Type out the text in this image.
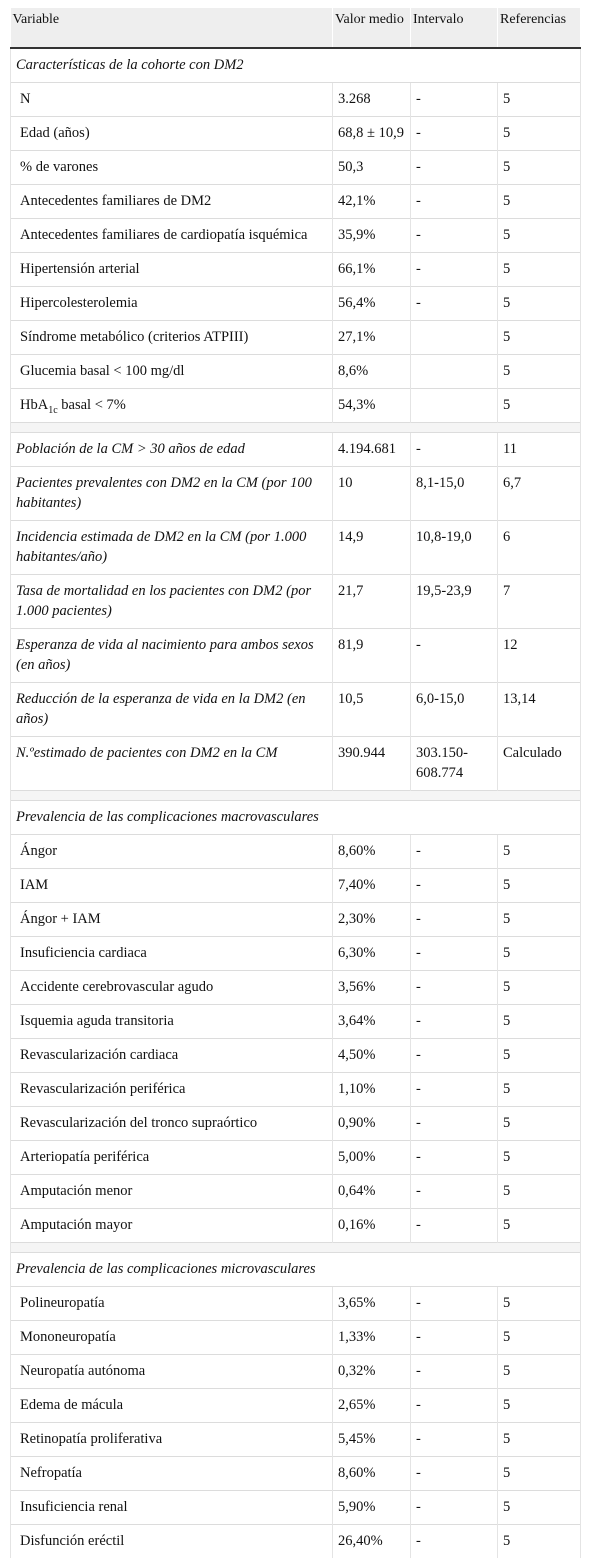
Variable	Valor medio	Intervalo	Referencias
Características de la cohorte con DM2			
N	3.268	-	5
Edad (años)	68,8 ± 10,9	-	5
% de varones	50,3	-	5
Antecedentes familiares de DM2	42,1%	-	5
Antecedentes familiares de cardiopatía isquémica	35,9%	-	5
Hipertensión arterial	66,1%	-	5
Hipercolesterolemia	56,4%	-	5
Síndrome metabólico (criterios ATPIII)	27,1%		5
Glucemia basal < 100 mg/dl	8,6%		5
HbA$_{1c}$ basal < 7%	54,3%		5

Población de la CM > 30 años de edad	4.194.681	-	11
Pacientes prevalentes con DM2 en la CM (por 100 habitantes)	10	8,1-15,0	6,7
Incidencia estimada de DM2 en la CM (por 1.000 habitantes/año)	14,9	10,8-19,0	6
Tasa de mortalidad en los pacientes con DM2 (por 1.000 pacientes)	21,7	19,5-23,9	7
Esperanza de vida al nacimiento para ambos sexos (en años)	81,9	-	12
Reducción de la esperanza de vida en la DM2 (en años)	10,5	6,0-15,0	13,14
N.ºestimado de pacientes con DM2 en la CM	390.944	303.150-608.774	Calculado

Prevalencia de las complicaciones macrovasculares			
Ángor	8,60%	-	5
IAM	7,40%	-	5
Ángor + IAM	2,30%	-	5
Insuficiencia cardiaca	6,30%	-	5
Accidente cerebrovascular agudo	3,56%	-	5
Isquemia aguda transitoria	3,64%	-	5
Revascularización cardiaca	4,50%	-	5
Revascularización periférica	1,10%	-	5
Revascularización del tronco supraórtico	0,90%	-	5
Arteriopatía periférica	5,00%	-	5
Amputación menor	0,64%	-	5
Amputación mayor	0,16%	-	5

Prevalencia de las complicaciones microvasculares			
Polineuropatía	3,65%	-	5
Mononeuropatía	1,33%	-	5
Neuropatía autónoma	0,32%	-	5
Edema de mácula	2,65%	-	5
Retinopatía proliferativa	5,45%	-	5
Nefropatía	8,60%	-	5
Insuficiencia renal	5,90%	-	5
Disfunción eréctil	26,40%	-	5
